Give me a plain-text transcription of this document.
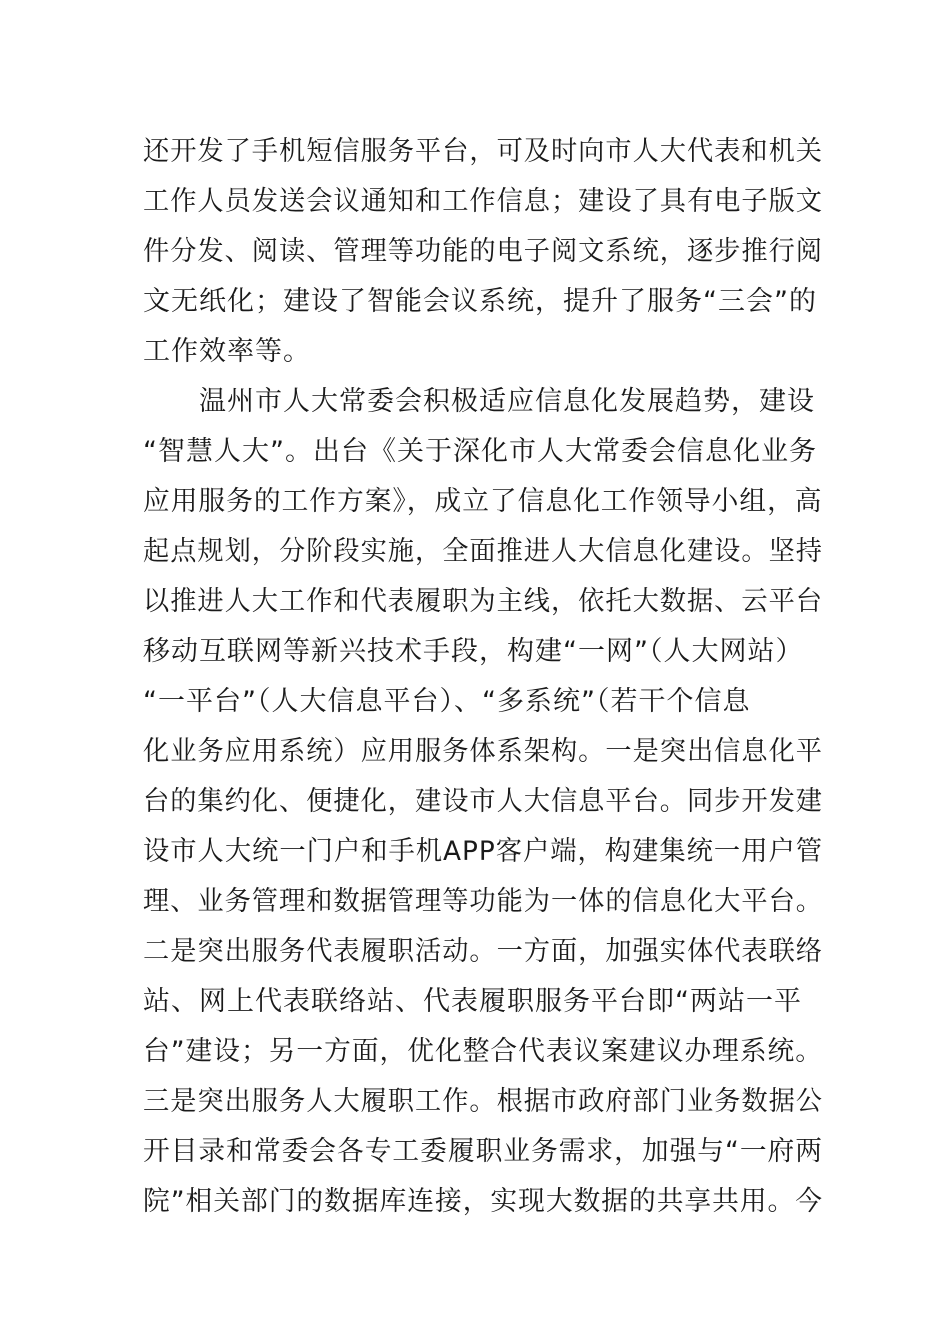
还开发了手机短信服务平台，可及时向市人大代表和机关
工作人员发送会议通知和工作信息；建设了具有电子版文
件分发、阅读、管理等功能的电子阅文系统，逐步推行阅
文无纸化；建设了智能会议系统，提升了服务“三会”的
工作效率等。
　　温州市人大常委会积极适应信息化发展趋势，建设
“智慧人大”。出台《关于深化市人大常委会信息化业务
应用服务的工作方案》，成立了信息化工作领导小组，高
起点规划，分阶段实施，全面推进人大信息化建设。坚持
以推进人大工作和代表履职为主线，依托大数据、云平台
移动互联网等新兴技术手段，构建“一网”（人大网站）
“一平台”（人大信息平台）、“多系统”（若干个信息
化业务应用系统）应用服务体系架构。一是突出信息化平
台的集约化、便捷化，建设市人大信息平台。同步开发建
设市人大统一门户和手机APP客户端，构建集统一用户管
理、业务管理和数据管理等功能为一体的信息化大平台。
二是突出服务代表履职活动。一方面，加强实体代表联络
站、网上代表联络站、代表履职服务平台即“两站一平
台”建设；另一方面，优化整合代表议案建议办理系统。
三是突出服务人大履职工作。根据市政府部门业务数据公
开目录和常委会各专工委履职业务需求，加强与“一府两
院”相关部门的数据库连接，实现大数据的共享共用。今
